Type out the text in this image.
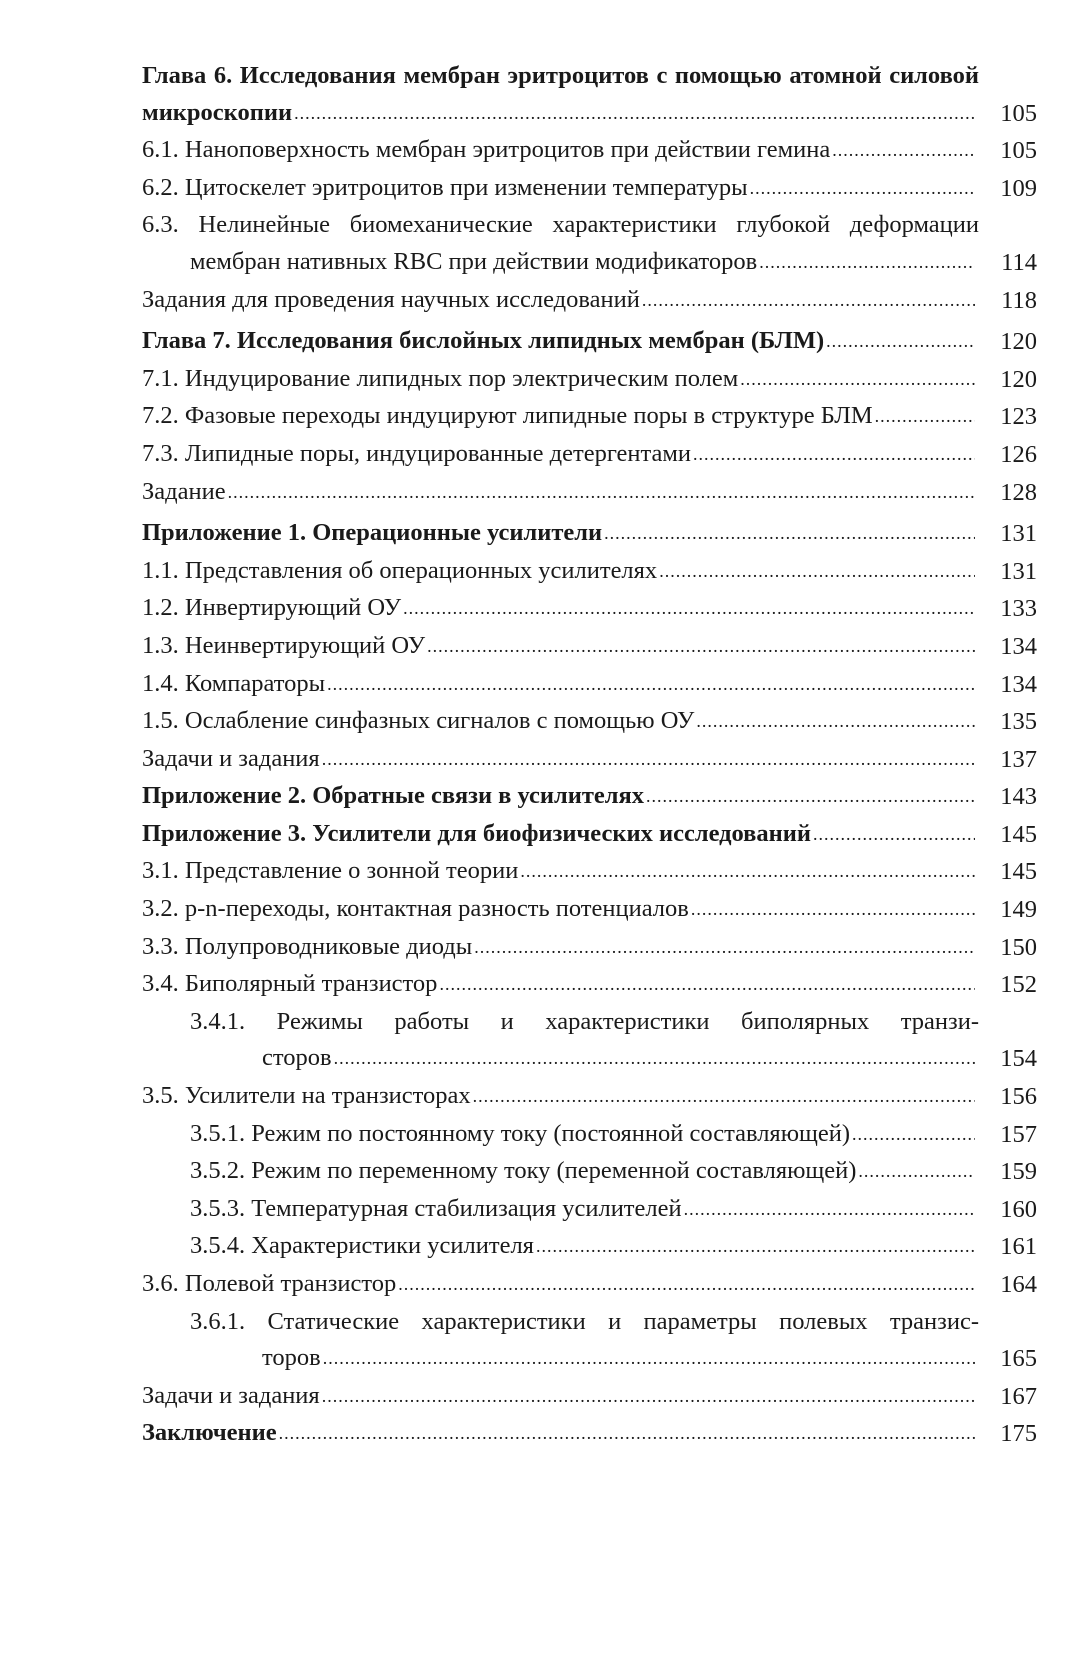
Глава 6. Исследования мембран эритроцитов с помощью атомной силовой
микроскопии .....	105
6.1. Наноповерхность мембран эритроцитов при действии гемина .....	105
6.2. Цитоскелет эритроцитов при изменении температуры .....	109
6.3. Нелинейные биомеханические характеристики глубокой деформации
мембран нативных RBC при действии модификаторов .....	114
Задания для проведения научных исследований .....	118
Глава 7. Исследования бислойных липидных мембран (БЛМ) .....	120
7.1. Индуцирование липидных пор электрическим полем .....	120
7.2. Фазовые переходы индуцируют липидные поры в структуре БЛМ .....	123
7.3. Липидные поры, индуцированные детергентами .....	126
Задание .....	128
Приложение 1. Операционные усилители .....	131
1.1. Представления об операционных усилителях .....	131
1.2. Инвертирующий ОУ .....	133
1.3. Неинвертирующий ОУ .....	134
1.4. Компараторы .....	134
1.5. Ослабление синфазных сигналов с помощью ОУ .....	135
Задачи и задания .....	137
Приложение 2. Обратные связи в усилителях .....	143
Приложение 3. Усилители для биофизических исследований .....	145
3.1. Представление о зонной теории .....	145
3.2. p-n-переходы, контактная разность потенциалов .....	149
3.3. Полупроводниковые диоды .....	150
3.4. Биполярный транзистор .....	152
3.4.1. Режимы работы и характеристики биполярных транзи-
сторов .....	154
3.5. Усилители на транзисторах .....	156
3.5.1. Режим по постоянному току (постоянной составляющей) .....	157
3.5.2. Режим по переменному току (переменной составляющей) .....	159
3.5.3. Температурная стабилизация усилителей .....	160
3.5.4. Характеристики усилителя .....	161
3.6. Полевой транзистор .....	164
3.6.1. Статические характеристики и параметры полевых транзис-
торов .....	165
Задачи и задания .....	167
Заключение .....	175
